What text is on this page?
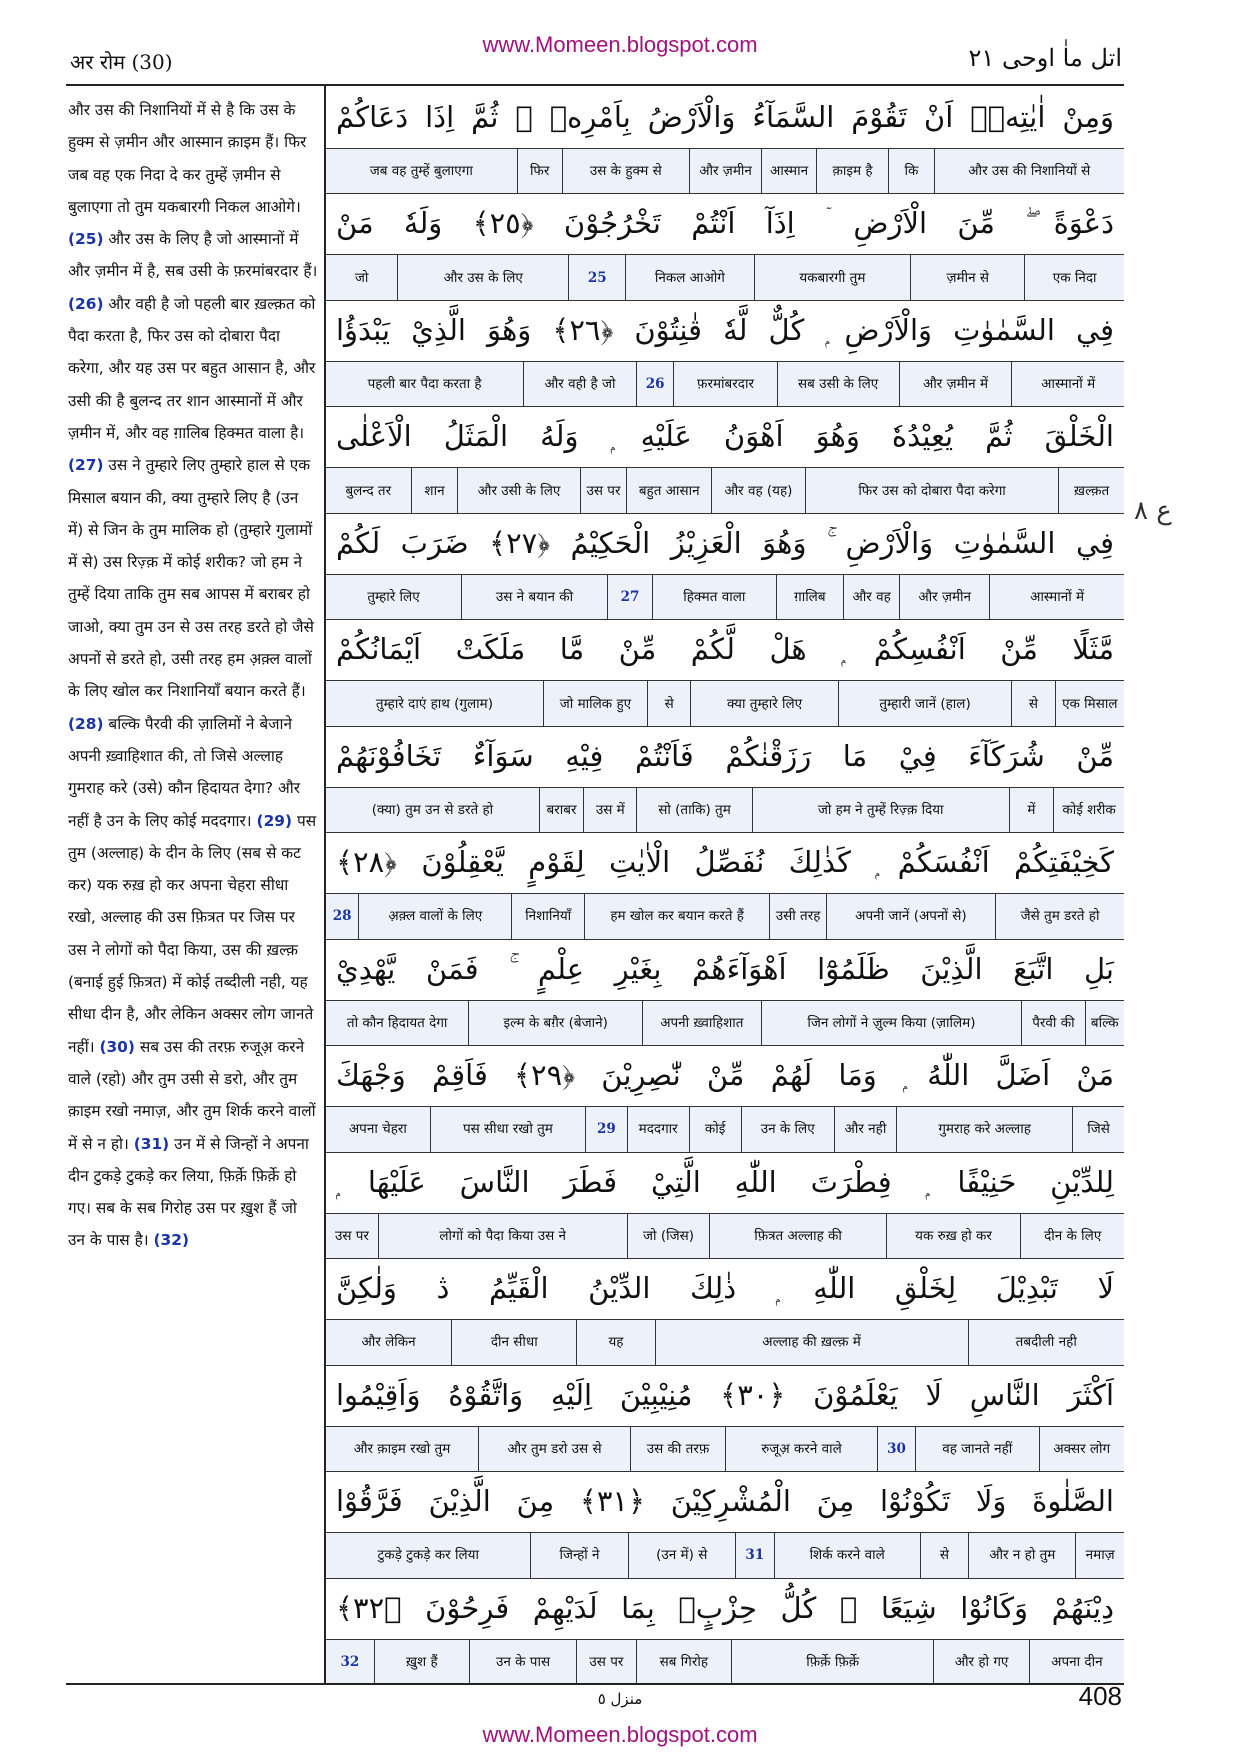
www.Momeen.blogspot.com
अर रोम (30)	اتل ماٰ اوحی ٢١
और उस की निशानियों में से है कि उस के हुक्म से ज़मीन और आस्मान क़ाइम हैं। फिर जब वह एक निदा दे कर तुम्हें ज़मीन से बुलाएगा तो तुम यकबारगी निकल आओगे। (25) और उस के लिए है जो आस्मानों में और ज़मीन में है, सब उसी के फ़रमांबरदार हैं। (26) और वही है जो पहली बार ख़ल्क़त को पैदा करता है, फिर उस को दोबारा पैदा करेगा, और यह उस पर बहुत आसान है, और उसी की है बुलन्द तर शान आस्मानों में और ज़मीन में, और वह ग़ालिब हिक्मत वाला है। (27) उस ने तुम्हारे लिए तुम्हारे हाल से एक मिसाल बयान की, क्या तुम्हारे लिए है (उन में) से जिन के तुम मालिक हो (तुम्हारे गुलामों में से) उस रिज़्क़ में कोई शरीक? जो हम ने तुम्हें दिया ताकि तुम सब आपस में बराबर हो जाओ, क्या तुम उन से उस तरह डरते हो जैसे अपनों से डरते हो, उसी तरह हम अ़क़्ल वालों के लिए खोल कर निशानियाँ बयान करते हैं। (28) बल्कि पैरवी की ज़ालिमों ने बेजाने अपनी ख़्वाहिशात की, तो जिसे अल्लाह गुमराह करे (उसे) कौन हिदायत देगा? और नहीं है उन के लिए कोई मददगार। (29) पस तुम (अल्लाह) के दीन के लिए (सब से कट कर) यक रुख़ हो कर अपना चेहरा सीधा रखो, अल्लाह की उस फ़ित्रत पर जिस पर उस ने लोगों को पैदा किया, उस की ख़ल्क़ (बनाई हुई फ़ित्रत) में कोई तब्दीली नही, यह सीधा दीन है, और लेकिन अक्सर लोग जानते नहीं। (30) सब उस की तरफ़ रुजूअ़ करने वाले (रहो) और तुम उसी से डरो, और तुम क़ाइम रखो नमाज़, और तुम शिर्क करने वालों में से न हो। (31) उन में से जिन्हों ने अपना दीन टुकड़े टुकड़े कर लिया, फ़िर्क़े फ़िर्क़े हो गए। सब के सब गिरोह उस पर ख़ुश हैं जो उन के पास है। (32)
وَمِنْ اٰيٰتِهٖۤ اَنْ تَقُوْمَ السَّمَآءُ وَالْاَرْضُ بِاَمْرِهٖ ۭ ثُمَّ اِذَا دَعَاكُمْ
और उस की निशानियों से
कि
क़ाइम है
आस्मान
और ज़मीन
उस के हुक्म से
फिर
जब वह तुम्हें बुलाएगा
دَعْوَةً ۖ مِّنَ الْاَرْضِ ۤ اِذَآ اَنْتُمْ تَخْرُجُوْنَ ﴿٢٥﴾ وَلَهٗ مَنْ
एक निदा
ज़मीन से
यकबारगी तुम
निकल आओगे
25
और उस के लिए
जो
فِي السَّمٰوٰتِ وَالْاَرْضِ ۭ كُلٌّ لَّهٗ قٰنِتُوْنَ ﴿٢٦﴾ وَهُوَ الَّذِيْ يَبْدَؤُا
आस्मानों में
और ज़मीन में
सब उसी के लिए
फ़रमांबरदार
26
और वही है जो
पहली बार पैदा करता है
الْخَلْقَ ثُمَّ يُعِيْدُهٗ وَهُوَ اَهْوَنُ عَلَيْهِ ۭ وَلَهُ الْمَثَلُ الْاَعْلٰى
ख़ल्क़त
फिर उस को दोबारा पैदा करेगा
और वह (यह)
बहुत आसान
उस पर
और उसी के लिए
शान
बुलन्द तर
فِي السَّمٰوٰتِ وَالْاَرْضِ ۚ وَهُوَ الْعَزِيْزُ الْحَكِيْمُ ﴿٢٧﴾ ضَرَبَ لَكُمْ
आस्मानों में
और ज़मीन
और वह
ग़ालिब
हिक्मत वाला
27
उस ने बयान की
तुम्हारे लिए
مَّثَلًا مِّنْ اَنْفُسِكُمْ ۭ هَلْ لَّكُمْ مِّنْ مَّا مَلَكَتْ اَيْمَانُكُمْ
एक मिसाल
से
तुम्हारी जानें (हाल)
क्या तुम्हारे लिए
से
जो मालिक हुए
तुम्हारे दाएं हाथ (गुलाम)
مِّنْ شُرَكَآءَ فِيْ مَا رَزَقْنٰكُمْ فَاَنْتُمْ فِيْهِ سَوَآءٌ تَخَافُوْنَهُمْ
कोई शरीक
में
जो हम ने तुम्हें रिज़्क़ दिया
सो (ताकि) तुम
उस में
बराबर
(क्या) तुम उन से डरते हो
كَخِيْفَتِكُمْ اَنْفُسَكُمْ ۭ كَذٰلِكَ نُفَصِّلُ الْاٰيٰتِ لِقَوْمٍ يَّعْقِلُوْنَ ﴿٢٨﴾
जैसे तुम डरते हो
अपनी जानें (अपनों से)
उसी तरह
हम खोल कर बयान करते हैं
निशानियाँ
अ़क़्ल वालों के लिए
28
بَلِ اتَّبَعَ الَّذِيْنَ ظَلَمُوْٓا اَهْوَآءَهُمْ بِغَيْرِ عِلْمٍ ۚ فَمَنْ يَّهْدِيْ
बल्कि
पैरवी की
जिन लोगों ने ज़ुल्म किया (ज़ालिम)
अपनी ख़्वाहिशात
इल्म के बग़ैर (बेजाने)
तो कौन हिदायत देगा
مَنْ اَضَلَّ اللّٰهُ ۭ وَمَا لَهُمْ مِّنْ نّٰصِرِيْنَ ﴿٢٩﴾ فَاَقِمْ وَجْهَكَ
जिसे
गुमराह करे अल्लाह
और नही
उन के लिए
कोई
मददगार
29
पस सीधा रखो तुम
अपना चेहरा
لِلدِّيْنِ حَنِيْفًا ۭ فِطْرَتَ اللّٰهِ الَّتِيْ فَطَرَ النَّاسَ عَلَيْهَا ۭ
दीन के लिए
यक रुख़ हो कर
फ़ित्रत अल्लाह की
जो (जिस)
लोगों को पैदा किया उस ने
उस पर
لَا تَبْدِيْلَ لِخَلْقِ اللّٰهِ ۭ ذٰلِكَ الدِّيْنُ الْقَيِّمُ ڎ وَلٰكِنَّ
तबदीली नही
अल्लाह की ख़ल्क़ में
यह
दीन सीधा
और लेकिन
اَكْثَرَ النَّاسِ لَا يَعْلَمُوْنَ ﴿٣٠﴾ مُنِيْبِيْنَ اِلَيْهِ وَاتَّقُوْهُ وَاَقِيْمُوا
अक्सर लोग
वह जानते नहीं
30
रुजूअ़ करने वाले
उस की तरफ़
और तुम डरो उस से
और क़ाइम रखो तुम
الصَّلٰوةَ وَلَا تَكُوْنُوْا مِنَ الْمُشْرِكِيْنَ ﴿٣١﴾ مِنَ الَّذِيْنَ فَرَّقُوْا
नमाज़
और न हो तुम
से
शिर्क करने वाले
31
(उन में) से
जिन्हों ने
टुकड़े टुकड़े कर लिया
دِيْنَهُمْ وَكَانُوْا شِيَعًا ۭ كُلُّ حِزْبٍۢ بِمَا لَدَيْهِمْ فَرِحُوْنَ ﴿٣٢﴾
अपना दीन
और हो गए
फ़िर्क़े फ़िर्क़े
सब गिरोह
उस पर
उन के पास
ख़ुश हैं
32
ع ٨
منزل ٥	408
www.Momeen.blogspot.com
